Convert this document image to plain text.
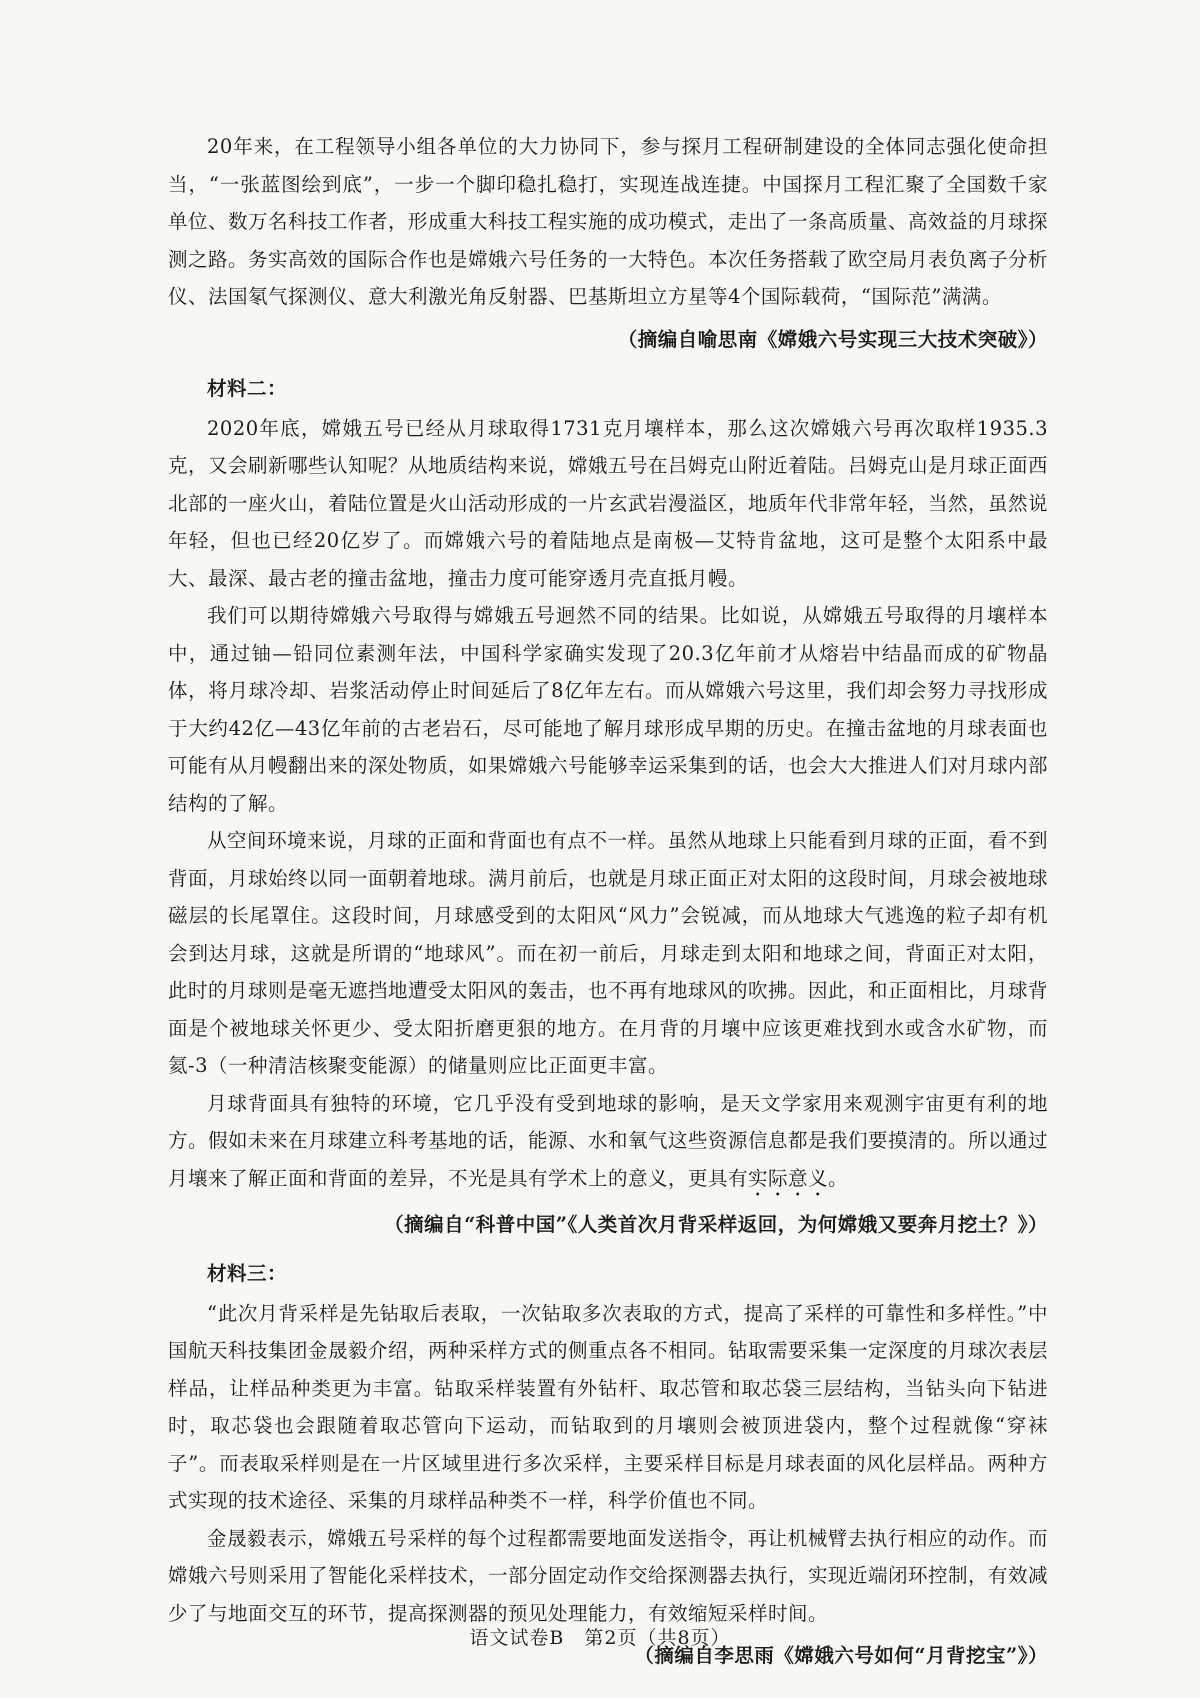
20年来，在工程领导小组各单位的大力协同下，参与探月工程研制建设的全体同志强化使命担当，“一张蓝图绘到底”，一步一个脚印稳扎稳打，实现连战连捷。中国探月工程汇聚了全国数千家单位、数万名科技工作者，形成重大科技工程实施的成功模式，走出了一条高质量、高效益的月球探测之路。务实高效的国际合作也是嫦娥六号任务的一大特色。本次任务搭载了欧空局月表负离子分析仪、法国氡气探测仪、意大利激光角反射器、巴基斯坦立方星等4个国际载荷，“国际范”满满。

（摘编自喻思南《嫦娥六号实现三大技术突破》）

材料二：

2020年底，嫦娥五号已经从月球取得1731克月壤样本，那么这次嫦娥六号再次取样1935.3克，又会刷新哪些认知呢？从地质结构来说，嫦娥五号在吕姆克山附近着陆。吕姆克山是月球正面西北部的一座火山，着陆位置是火山活动形成的一片玄武岩漫溢区，地质年代非常年轻，当然，虽然说年轻，但也已经20亿岁了。而嫦娥六号的着陆地点是南极—艾特肯盆地，这可是整个太阳系中最大、最深、最古老的撞击盆地，撞击力度可能穿透月壳直抵月幔。

我们可以期待嫦娥六号取得与嫦娥五号迥然不同的结果。比如说，从嫦娥五号取得的月壤样本中，通过铀—铅同位素测年法，中国科学家确实发现了20.3亿年前才从熔岩中结晶而成的矿物晶体，将月球冷却、岩浆活动停止时间延后了8亿年左右。而从嫦娥六号这里，我们却会努力寻找形成于大约42亿—43亿年前的古老岩石，尽可能地了解月球形成早期的历史。在撞击盆地的月球表面也可能有从月幔翻出来的深处物质，如果嫦娥六号能够幸运采集到的话，也会大大推进人们对月球内部结构的了解。

从空间环境来说，月球的正面和背面也有点不一样。虽然从地球上只能看到月球的正面，看不到背面，月球始终以同一面朝着地球。满月前后，也就是月球正面正对太阳的这段时间，月球会被地球磁层的长尾罩住。这段时间，月球感受到的太阳风“风力”会锐减，而从地球大气逃逸的粒子却有机会到达月球，这就是所谓的“地球风”。而在初一前后，月球走到太阳和地球之间，背面正对太阳，此时的月球则是毫无遮挡地遭受太阳风的轰击，也不再有地球风的吹拂。因此，和正面相比，月球背面是个被地球关怀更少、受太阳折磨更狠的地方。在月背的月壤中应该更难找到水或含水矿物，而氦-3（一种清洁核聚变能源）的储量则应比正面更丰富。

月球背面具有独特的环境，它几乎没有受到地球的影响，是天文学家用来观测宇宙更有利的地方。假如未来在月球建立科考基地的话，能源、水和氧气这些资源信息都是我们要摸清的。所以通过月壤来了解正面和背面的差异，不光是具有学术上的意义，更具有实际意义。

（摘编自“科普中国”《人类首次月背采样返回，为何嫦娥又要奔月挖土？》）

材料三：

“此次月背采样是先钻取后表取，一次钻取多次表取的方式，提高了采样的可靠性和多样性。”中国航天科技集团金晟毅介绍，两种采样方式的侧重点各不相同。钻取需要采集一定深度的月球次表层样品，让样品种类更为丰富。钻取采样装置有外钻杆、取芯管和取芯袋三层结构，当钻头向下钻进时，取芯袋也会跟随着取芯管向下运动，而钻取到的月壤则会被顶进袋内，整个过程就像“穿袜子”。而表取采样则是在一片区域里进行多次采样，主要采样目标是月球表面的风化层样品。两种方式实现的技术途径、采集的月球样品种类不一样，科学价值也不同。

金晟毅表示，嫦娥五号采样的每个过程都需要地面发送指令，再让机械臂去执行相应的动作。而嫦娥六号则采用了智能化采样技术，一部分固定动作交给探测器去执行，实现近端闭环控制，有效减少了与地面交互的环节，提高探测器的预见处理能力，有效缩短采样时间。

（摘编自李思雨《嫦娥六号如何“月背挖宝”》）

语文试卷B　第2页（共8页）
